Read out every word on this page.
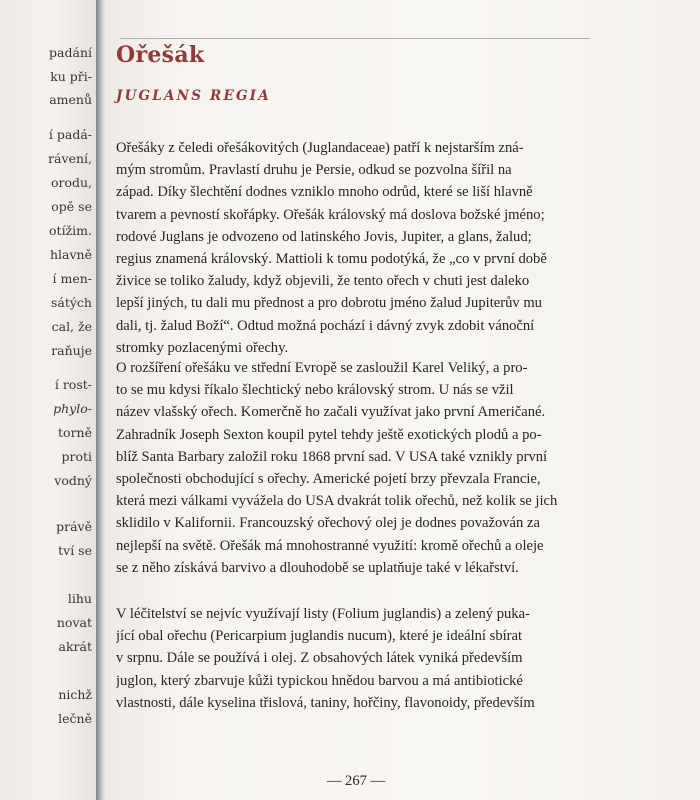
padání
ku při-
amenů
í padá-
rávení,
orodu,
opě se
otížim.
hlavně
í men-
sátých
cal, že
raňuje
í rost-
phylo-
torně
proti
vodný
právě
tví se
lihu
novat
akrát
nichž
lečně
Ořešák
JUGLANS REGIA

Ořešáky z čeledi ořešákovitých (Juglandaceae) patří k nejstarším zná-
mým stromům. Pravlastí druhu je Persie, odkud se pozvolna šířil na
západ. Díky šlechtění dodnes vzniklo mnoho odrůd, které se liší hlavně
tvarem a pevností skořápky. Ořešák královský má doslova božské jméno;
rodové Juglans je odvozeno od latinského Jovis, Jupiter, a glans, žalud;
regius znamená královský. Mattioli k tomu podotýká, že „co v první době
živice se toliko žaludy, když objevili, že tento ořech v chuti jest daleko
lepší jiných, tu dali mu přednost a pro dobrotu jméno žalud Jupiterův mu
dali, tj. žalud Boží“. Odtud možná pochází i dávný zvyk zdobit vánoční
stromky pozlacenými ořechy.

O rozšíření ořešáku ve střední Evropě se zasloužil Karel Veliký, a pro-
to se mu kdysi říkalo šlechtický nebo královský strom. U nás se vžil
název vlašský ořech. Komerčně ho začali využívat jako první Američané.
Zahradník Joseph Sexton koupil pytel tehdy ještě exotických plodů a po-
blíž Santa Barbary založil roku 1868 první sad. V USA také vznikly první
společnosti obchodující s ořechy. Americké pojetí brzy převzala Francie,
která mezi válkami vyvážela do USA dvakrát tolik ořechů, než kolik se jich
sklidilo v Kalifornii. Francouzský ořechový olej je dodnes považován za
nejlepší na světě. Ořešák má mnohostranné využití: kromě ořechů a oleje
se z něho získává barvivo a dlouhodobě se uplatňuje také v lékařství.

V léčitelství se nejvíc využívají listy (Folium juglandis) a zelený puka-
jící obal ořechu (Pericarpium juglandis nucum), které je ideální sbírat
v srpnu. Dále se používá i olej. Z obsahových látek vyniká především
juglon, který zbarvuje kůži typickou hnědou barvou a má antibiotické
vlastnosti, dále kyselina třislová, taniny, hořčiny, flavonoidy, především

— 267 —
